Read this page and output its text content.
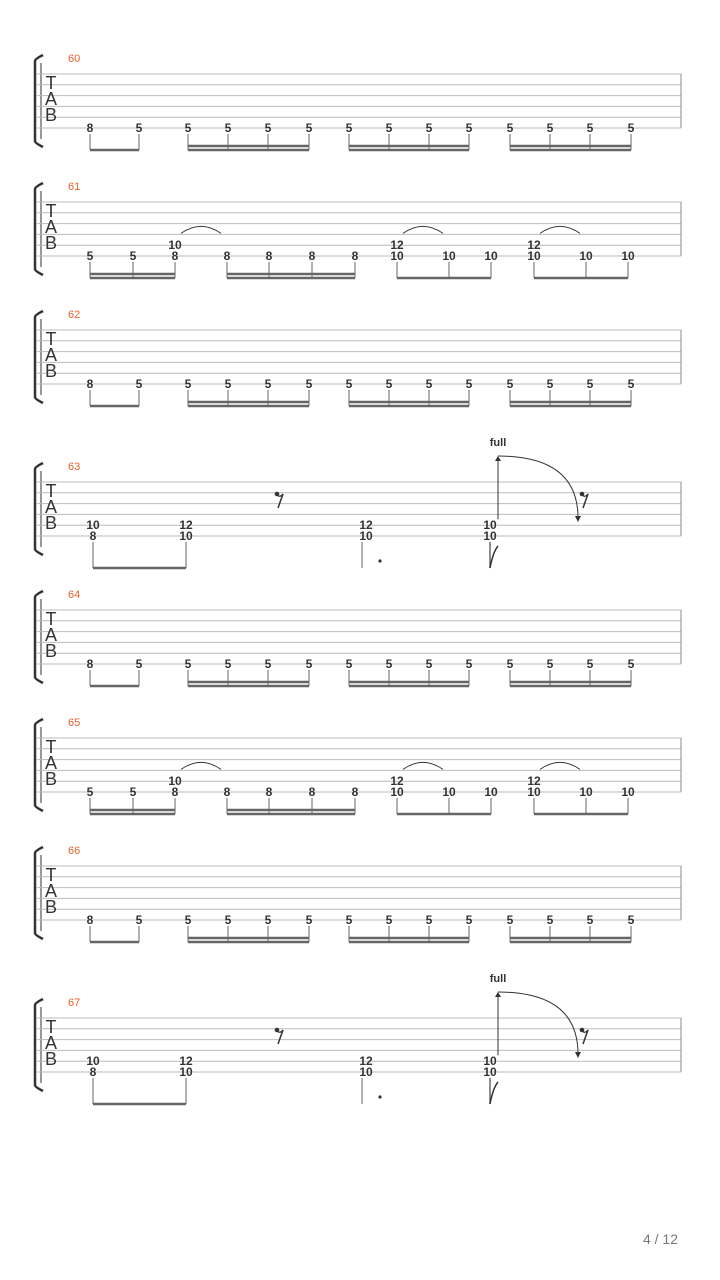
T
A
B
60
8	5	5	5	5	5	5	5	5	5	5	5	5	5
T
A
B
61
5	5
10
8	8	8	8	8
12
10	10 10
12
10	10 10
T
A
B
62
8	5	5	5	5	5	5	5	5	5	5	5	5	5
T
A
B
63
10
8
12
10
12
10
10
10
full
T
A
B
64
8	5	5	5	5	5	5	5	5	5	5	5	5	5
T
A
B
65
5	5
10
8	8	8	8	8
12
10	10 10
12
10	10 10
T
A
B
66
8	5	5	5	5	5	5	5	5	5	5	5	5	5
T
A
B
67
10
8
12
10
12
10
10
10
full
4 / 12
